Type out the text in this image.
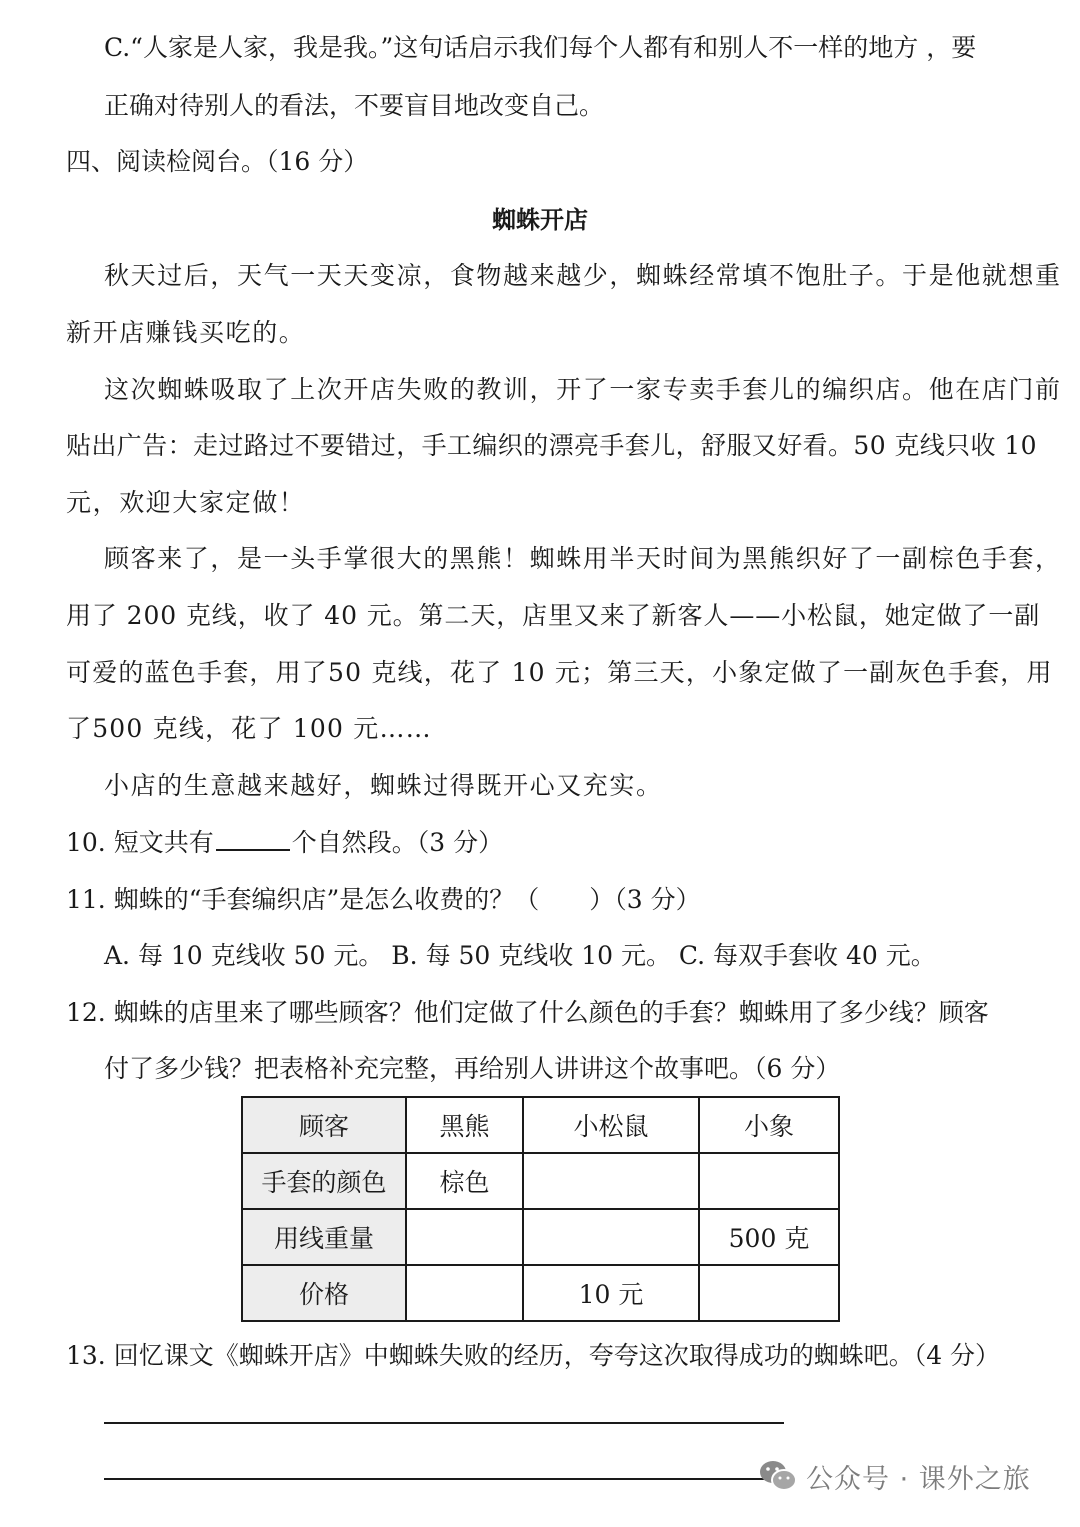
C.“人家是人家，我是我。”这句话启示我们每个人都有和别人不一样的地方 ，要
正确对待别人的看法，不要盲目地改变自己。
四、阅读检阅台。（16 分）
蜘蛛开店
秋天过后，天气一天天变凉，食物越来越少，蜘蛛经常填不饱肚子。于是他就想重
新开店赚钱买吃的。
这次蜘蛛吸取了上次开店失败的教训，开了一家专卖手套儿的编织店。他在店门前
贴出广告：走过路过不要错过，手工编织的漂亮手套儿，舒服又好看。50 克线只收 10
元，欢迎大家定做！
顾客来了，是一头手掌很大的黑熊！蜘蛛用半天时间为黑熊织好了一副棕色手套，
用了 200 克线，收了 40 元。第二天，店里又来了新客人——小松鼠，她定做了一副
可爱的蓝色手套，用了50 克线，花了 10 元；第三天，小象定做了一副灰色手套，用
了500 克线，花了 100 元……
小店的生意越来越好，蜘蛛过得既开心又充实。
10. 短文共有	个自然段。（3 分）
11. 蜘蛛的“手套编织店”是怎么收费的？（　　）（3 分）
A. 每 10 克线收 50 元。 B. 每 50 克线收 10 元。 C. 每双手套收 40 元。
12. 蜘蛛的店里来了哪些顾客？他们定做了什么颜色的手套？蜘蛛用了多少线？顾客
付了多少钱？把表格补充完整，再给别人讲讲这个故事吧。（6 分）
顾客	黑熊	小松鼠	小象
手套的颜色	棕色		
用线重量			500 克
价格		10 元	
13. 回忆课文《蜘蛛开店》中蜘蛛失败的经历，夸夸这次取得成功的蜘蛛吧。（4 分）
公众号 · 课外之旅
